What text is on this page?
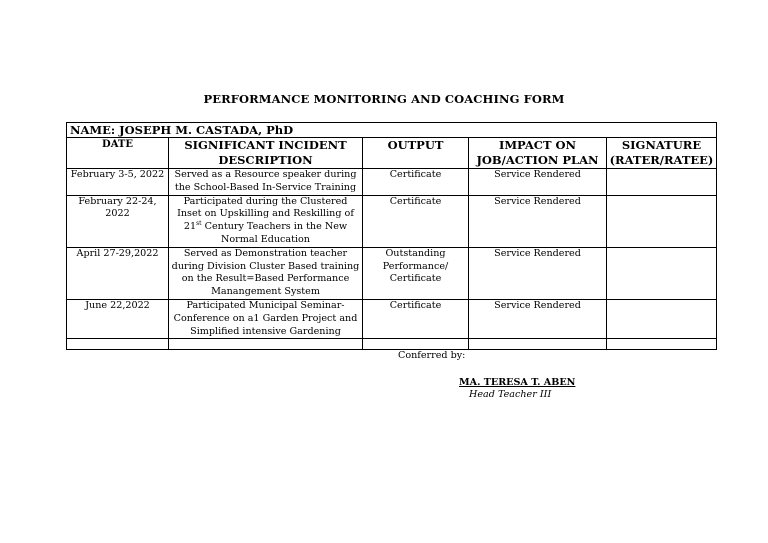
PERFORMANCE MONITORING AND COACHING FORM
NAME: JOSEPH M. CASTADA, PhD				
DATE	SIGNIFICANT INCIDENT DESCRIPTION	OUTPUT	IMPACT ON JOB/ACTION PLAN	SIGNATURE (RATER/RATEE)
February 3-5, 2022	Served as a Resource speaker during the School-Based In-Service Training	Certificate	Service Rendered	
February 22-24, 2022	Participated during the Clustered Inset on Upskilling and Reskilling of 21st Century Teachers in the New Normal Education	Certificate	Service Rendered	
April 27-29,2022	Served as Demonstration teacher during Division Cluster Based training on the Result=Based Performance Manangement System	Outstanding Performance/ Certificate	Service Rendered	
June 22,2022	Participated Municipal Seminar-Conference on a1 Garden Project and Simplified intensive Gardening	Certificate	Service Rendered	

Conferred by:
MA. TERESA T. ABEN
Head Teacher III
